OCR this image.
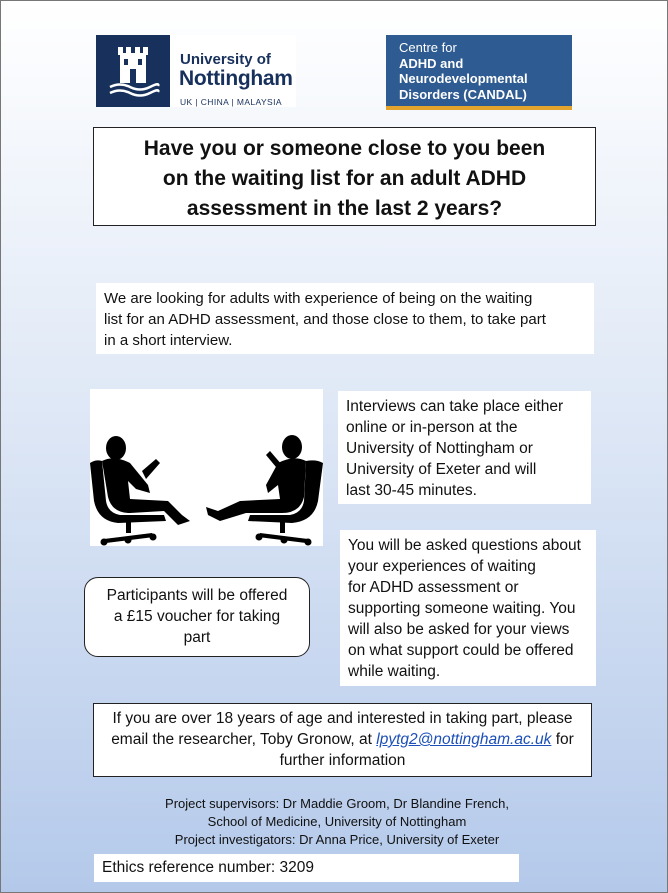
University of
Nottingham
UK | CHINA | MALAYSIA
Centre for
ADHD and
Neurodevelopmental
Disorders (CANDAL)
Have you or someone close to you been
on the waiting list for an adult ADHD
assessment in the last 2 years?
We are looking for adults with experience of being on the waiting
list for an ADHD assessment, and those close to them, to take part
in a short interview.
Interviews can take place either
online or in-person at the
University of Nottingham or
University of Exeter and will
last 30-45 minutes.
Participants will be offered
a £15 voucher for taking
part
You will be asked questions about
your experiences of waiting
for ADHD assessment or
supporting someone waiting. You
will also be asked for your views
on what support could be offered
while waiting.
If you are over 18 years of age and interested in taking part, please
email the researcher, Toby Gronow, at lpytg2@nottingham.ac.uk for
further information
Project supervisors: Dr Maddie Groom, Dr Blandine French,
School of Medicine, University of Nottingham
Project investigators: Dr Anna Price, University of Exeter
Ethics reference number: 3209
